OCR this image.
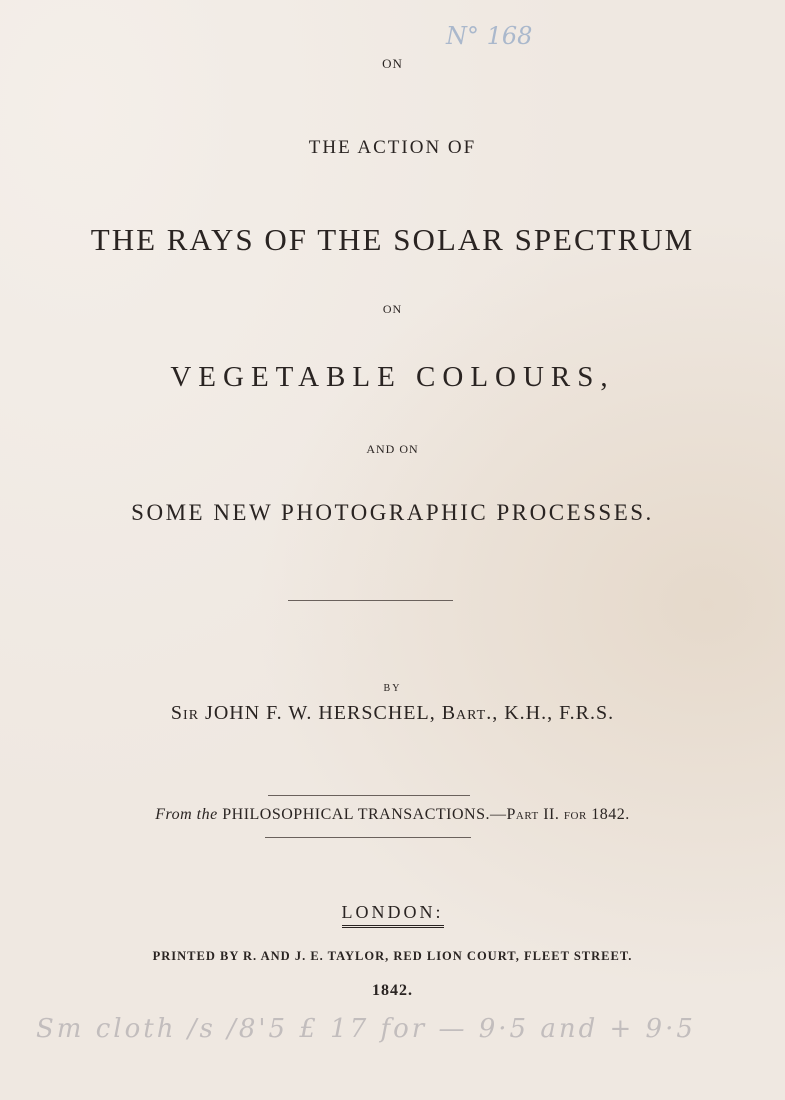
N° 168
ON
THE ACTION OF
THE RAYS OF THE SOLAR SPECTRUM
ON
VEGETABLE COLOURS,
AND ON
SOME NEW PHOTOGRAPHIC PROCESSES.
BY
Sir JOHN F. W. HERSCHEL, Bart., K.H., F.R.S.
From the PHILOSOPHICAL TRANSACTIONS.—Part II. for 1842.
LONDON:
PRINTED BY R. AND J. E. TAYLOR, RED LION COURT, FLEET STREET.
1842.
Sm cloth /s /8'5 £ 17 for — 9·5 and + 9·5
